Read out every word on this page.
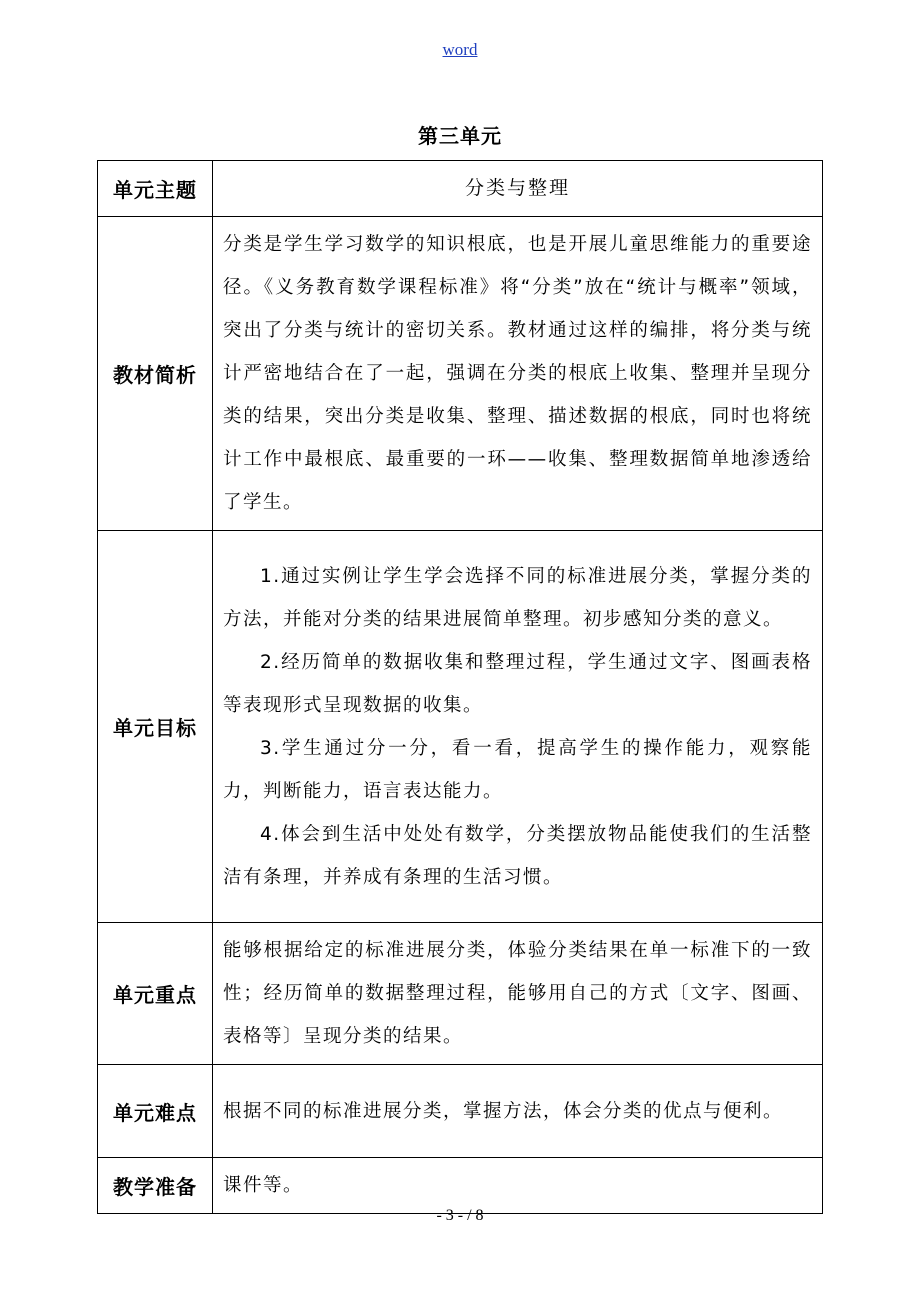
word
第三单元
单元主题	分类与整理
教材简析	分类是学生学习数学的知识根底，也是开展儿童思维能力的重要途径。《义务教育数学课程标准》将“分类”放在“统计与概率”领域，突出了分类与统计的密切关系。教材通过这样的编排，将分类与统计严密地结合在了一起，强调在分类的根底上收集、整理并呈现分类的结果，突出分类是收集、整理、描述数据的根底，同时也将统计工作中最根底、最重要的一环——收集、整理数据简单地渗透给了学生。

单元目标	1.通过实例让学生学会选择不同的标准进展分类，掌握分类的方法，并能对分类的结果进展简单整理。初步感知分类的意义。

2.经历简单的数据收集和整理过程，学生通过文字、图画表格等表现形式呈现数据的收集。

3.学生通过分一分，看一看，提高学生的操作能力，观察能力，判断能力，语言表达能力。

4.体会到生活中处处有数学，分类摆放物品能使我们的生活整洁有条理，并养成有条理的生活习惯。

单元重点	能够根据给定的标准进展分类，体验分类结果在单一标准下的一致性；经历简单的数据整理过程，能够用自己的方式〔文字、图画、表格等〕呈现分类的结果。

单元难点	根据不同的标准进展分类，掌握方法，体会分类的优点与便利。

教学准备	课件等。

- 3 - / 8
